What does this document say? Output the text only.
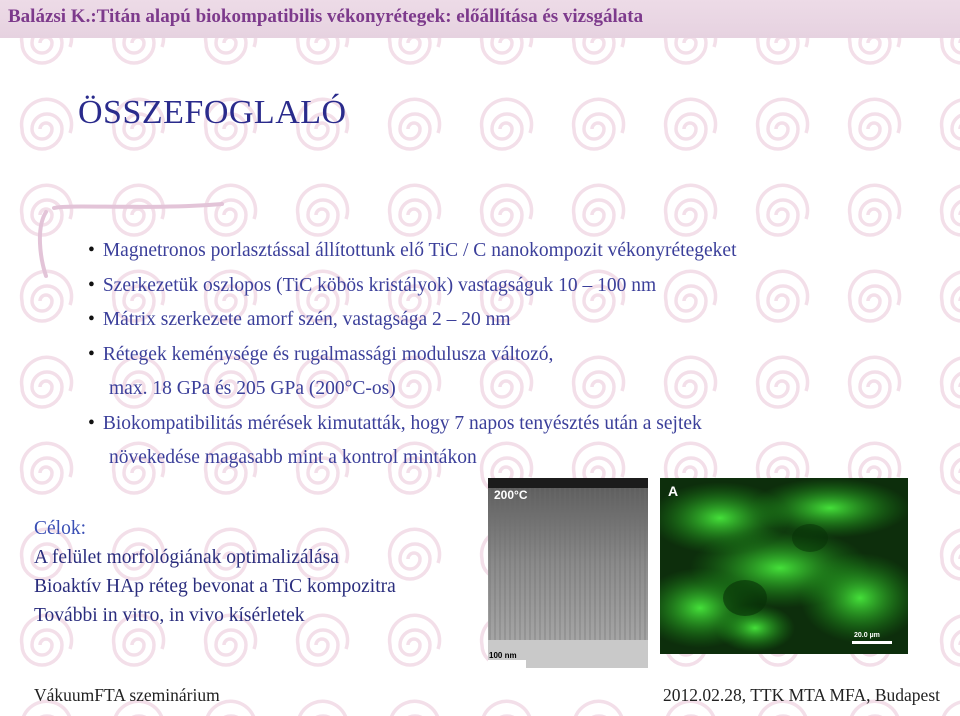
Balázsi K.:Titán alapú biokompatibilis vékonyrétegek: előállítása és vizsgálata
ÖSSZEFOGLALÓ
• Magnetronos porlasztással állítottunk elő TiC / C nanokompozit vékonyrétegeket
• Szerkezetük oszlopos (TiC köbös kristályok) vastagságuk 10 – 100 nm
• Mátrix szerkezete amorf szén, vastagsága 2 – 20 nm
• Rétegek keménysége és rugalmassági modulusza változó,
max. 18 GPa és 205 GPa (200°C-os)
• Biokompatibilitás mérések kimutatták, hogy 7 napos tenyésztés után a sejtek
növekedése magasabb mint a kontrol mintákon
Célok:
A felület morfológiának optimalizálása
Bioaktív HAp réteg bevonat a TiC kompozitra
További in vitro, in vivo kísérletek
200°C
100 nm
A
20.0 µm
VákuumFTA szeminárium	2012.02.28, TTK MTA MFA, Budapest
